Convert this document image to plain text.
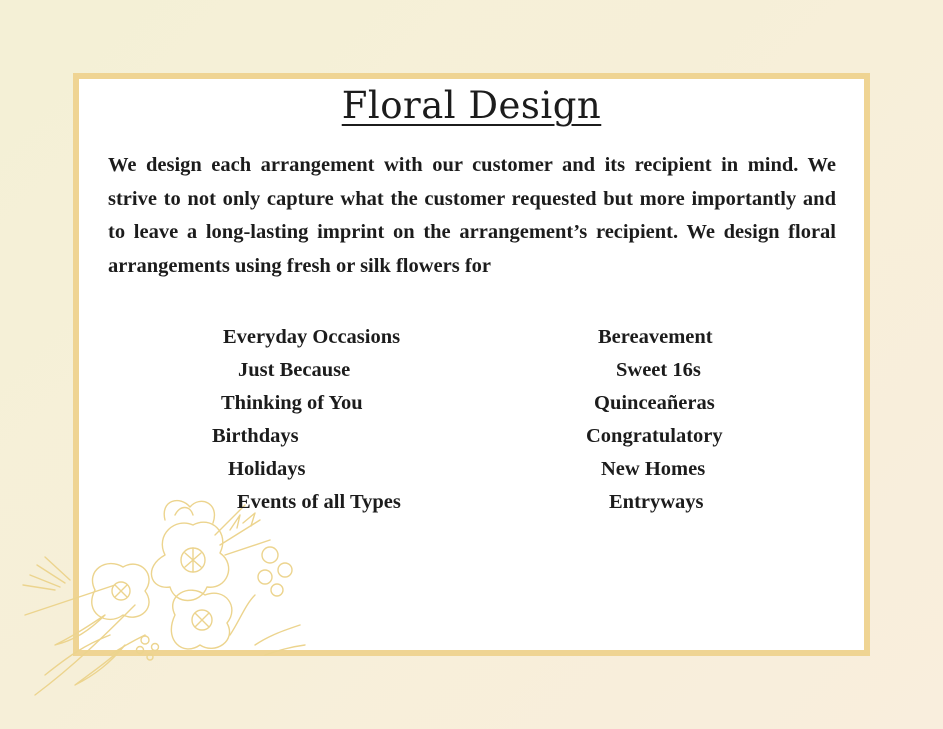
Floral Design

We design each arrangement with our customer and its recipient in mind. We strive to not only capture what the customer requested but more importantly and to leave a long-lasting imprint on the arrangement’s recipient. We design floral arrangements using fresh or silk flowers for

Everyday Occasions
Just Because
Thinking of You
Birthdays
Holidays
Events of all Types
Bereavement
Sweet 16s
Quinceañeras
Congratulatory
New Homes
Entryways
